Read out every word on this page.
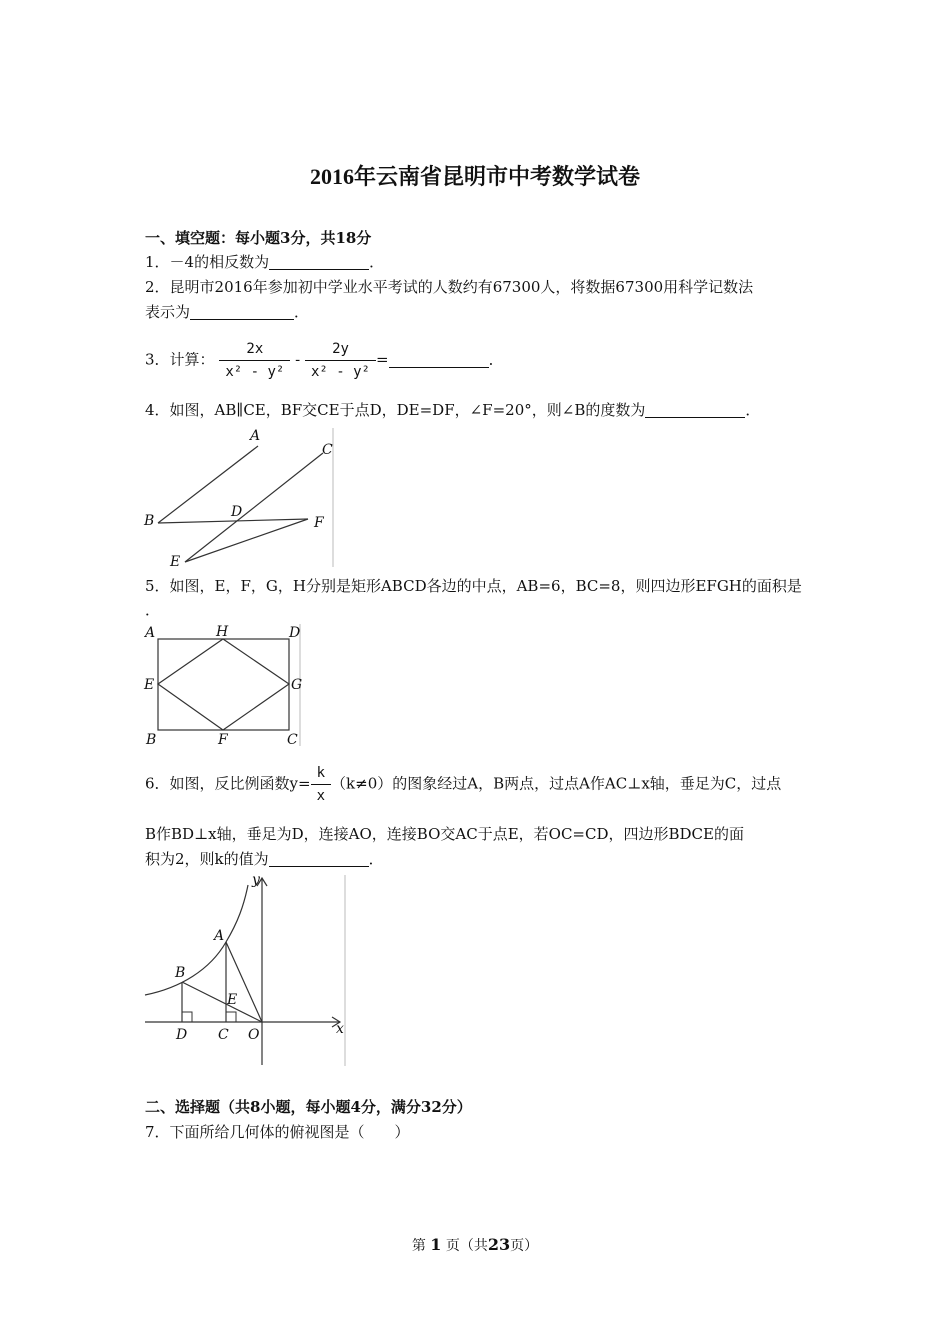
2016年云南省昆明市中考数学试卷
一、填空题：每小题3分，共18分
1．－4的相反数为	．
2．昆明市2016年参加初中学业水平考试的人数约有67300人，将数据67300用科学记数法
表示为	．
3．计算： $\frac{2x}{\text{x² - y²}} - \frac{2y}{\text{x² - y²}}$ =	．
4．如图，AB∥CE，BF交CE于点D，DE=DF，∠F=20°，则∠B的度数为	．
A
B
C
D
E
F
5．如图，E，F，G，H分别是矩形ABCD各边的中点，AB=6，BC=8，则四边形EFGH的面积是
．
A	H	D
E	G
B	F	C
6．如图，反比例函数$y= \frac{k}{x} (k\ne 0)$的图象经过A，B两点，过点A作AC⊥x轴，垂足为C，过点
B作BD⊥x轴，垂足为D，连接AO，连接BO交AC于点E，若OC=CD，四边形BDCE的面
积为2，则k的值为	．
y
x
A
B
E
D C O
二、选择题（共8小题，每小题4分，满分32分）
7．下面所给几何体的俯视图是（　　）
第 1 页（共23页）
